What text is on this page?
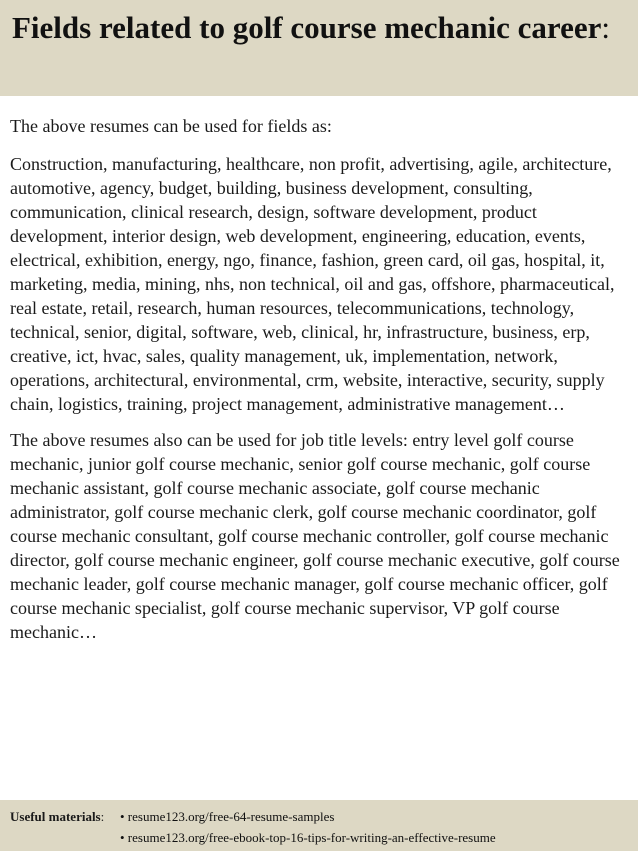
Fields related to golf course mechanic career:

The above resumes can be used for fields as:

Construction, manufacturing, healthcare, non profit, advertising, agile, architecture, automotive, agency, budget, building, business development, consulting, communication, clinical research, design, software development, product development, interior design, web development, engineering, education, events, electrical, exhibition, energy, ngo, finance, fashion, green card, oil gas, hospital, it, marketing, media, mining, nhs, non technical, oil and gas, offshore, pharmaceutical, real estate, retail, research, human resources, telecommunications, technology, technical, senior, digital, software, web, clinical, hr, infrastructure, business, erp, creative, ict, hvac, sales, quality management, uk, implementation, network, operations, architectural, environmental, crm, website, interactive, security, supply chain, logistics, training, project management, administrative management…

The above resumes also can be used for job title levels: entry level golf course mechanic, junior golf course mechanic, senior golf course mechanic, golf course mechanic assistant, golf course mechanic associate, golf course mechanic administrator, golf course mechanic clerk, golf course mechanic coordinator, golf course mechanic consultant, golf course mechanic controller, golf course mechanic director, golf course mechanic engineer, golf course mechanic executive, golf course mechanic leader, golf course mechanic manager, golf course mechanic officer, golf course mechanic specialist, golf course mechanic supervisor, VP golf course mechanic…

Useful materials:	• resume123.org/free-64-resume-samples
• resume123.org/free-ebook-top-16-tips-for-writing-an-effective-resume
